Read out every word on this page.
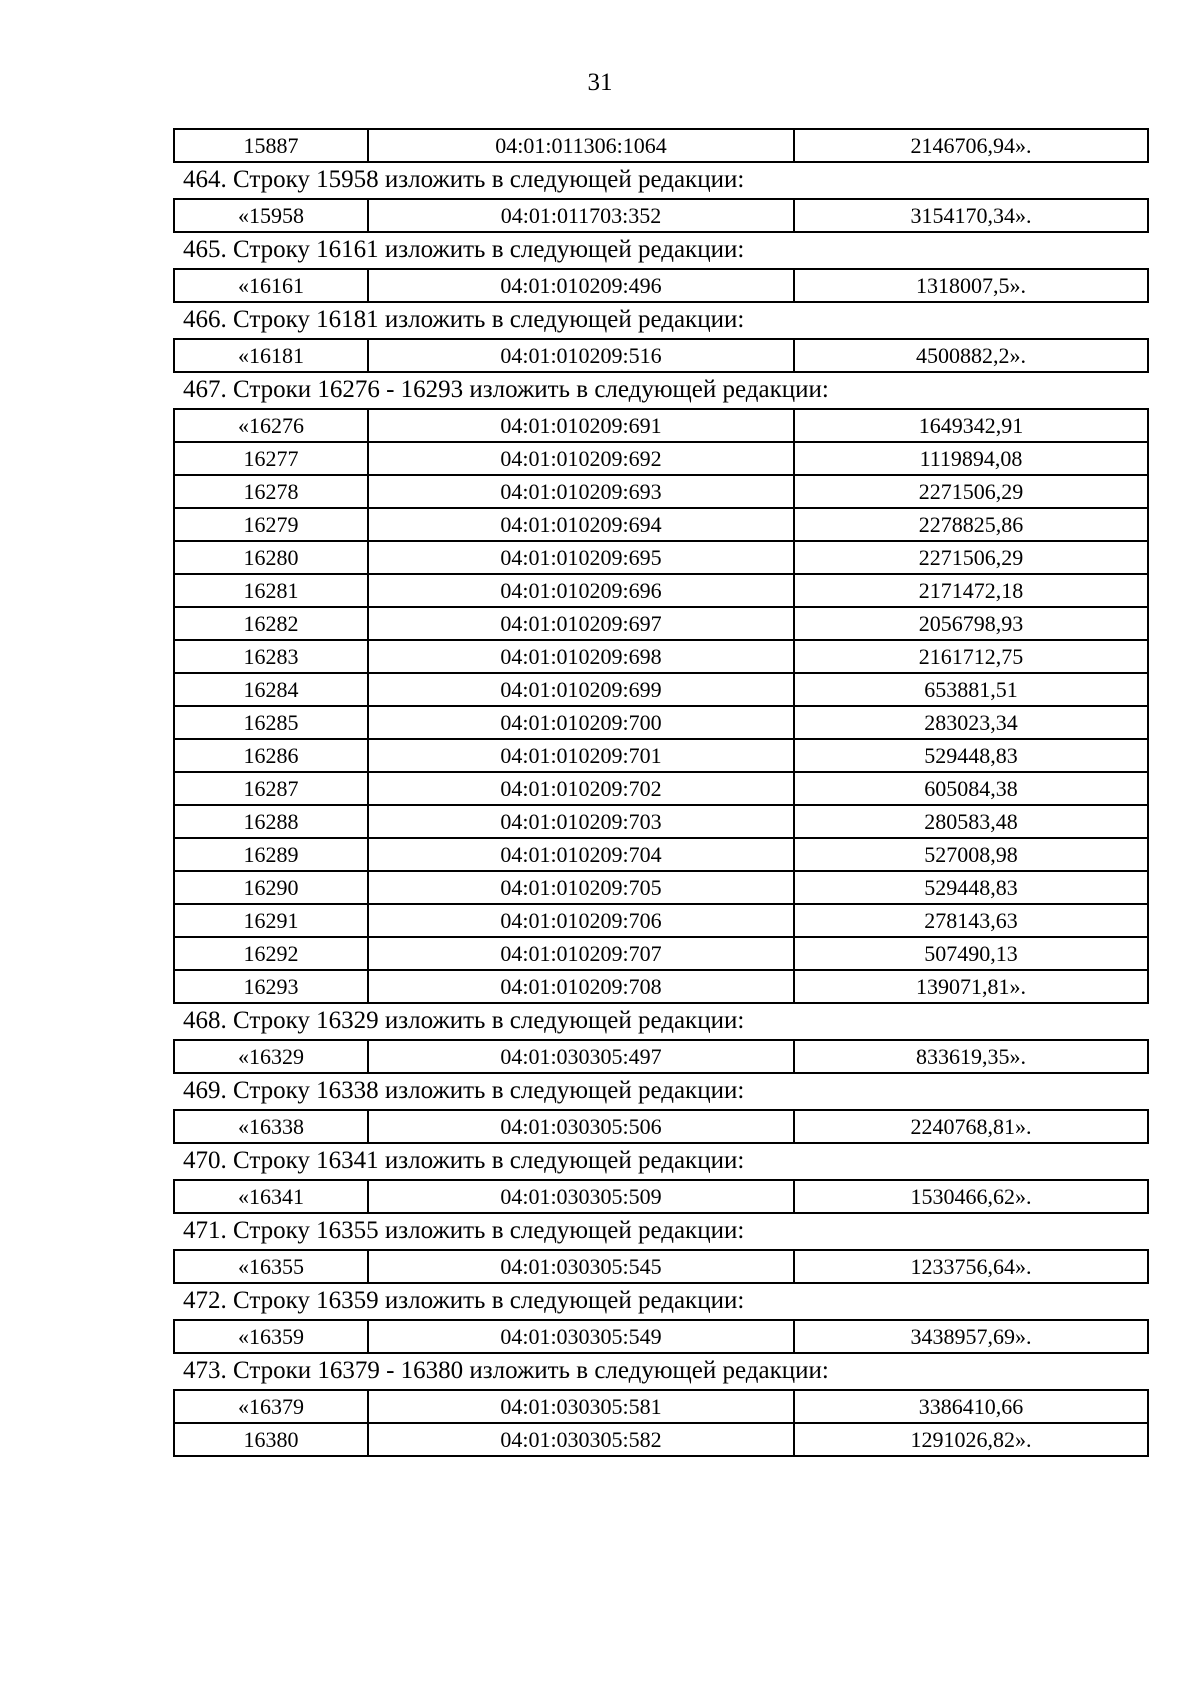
31
15887	04:01:011306:1064	2146706,94».
464. Строку 15958 изложить в следующей редакции:
«15958	04:01:011703:352	3154170,34».
465. Строку 16161 изложить в следующей редакции:
«16161	04:01:010209:496	1318007,5».
466. Строку 16181 изложить в следующей редакции:
«16181	04:01:010209:516	4500882,2».
467. Строки 16276 - 16293 изложить в следующей редакции:
«16276	04:01:010209:691	1649342,91
16277	04:01:010209:692	1119894,08
16278	04:01:010209:693	2271506,29
16279	04:01:010209:694	2278825,86
16280	04:01:010209:695	2271506,29
16281	04:01:010209:696	2171472,18
16282	04:01:010209:697	2056798,93
16283	04:01:010209:698	2161712,75
16284	04:01:010209:699	653881,51
16285	04:01:010209:700	283023,34
16286	04:01:010209:701	529448,83
16287	04:01:010209:702	605084,38
16288	04:01:010209:703	280583,48
16289	04:01:010209:704	527008,98
16290	04:01:010209:705	529448,83
16291	04:01:010209:706	278143,63
16292	04:01:010209:707	507490,13
16293	04:01:010209:708	139071,81».
468. Строку 16329 изложить в следующей редакции:
«16329	04:01:030305:497	833619,35».
469. Строку 16338 изложить в следующей редакции:
«16338	04:01:030305:506	2240768,81».
470. Строку 16341 изложить в следующей редакции:
«16341	04:01:030305:509	1530466,62».
471. Строку 16355 изложить в следующей редакции:
«16355	04:01:030305:545	1233756,64».
472. Строку 16359 изложить в следующей редакции:
«16359	04:01:030305:549	3438957,69».
473. Строки 16379 - 16380 изложить в следующей редакции:
«16379	04:01:030305:581	3386410,66
16380	04:01:030305:582	1291026,82».
